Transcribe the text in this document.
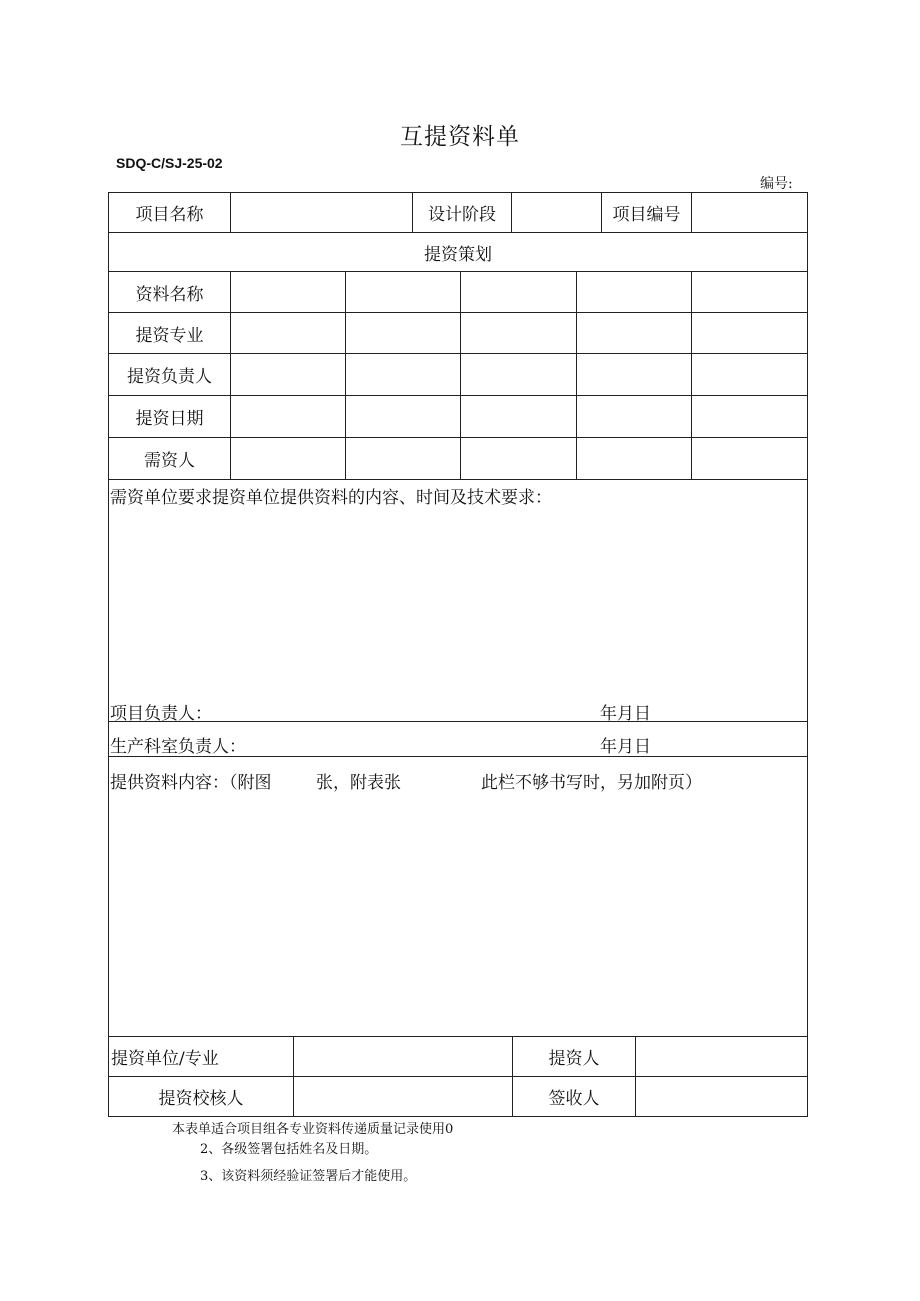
互提资料单
SDQ-C/SJ-25-02
编号:
项目名称	设计阶段	项目编号
提资策划
资料名称
提资专业
提资负责人
提资日期
需资人
需资单位要求提资单位提供资料的内容、时间及技术要求：
项目负责人：	年月日
生产科室负责人：	年月日
提供资料内容：（附图	张，附表张	此栏不够书写时，另加附页）
提资单位/专业	提资人
提资校核人	签收人
本表单适合项目组各专业资料传递质量记录使用0
2、各级签署包括姓名及日期。
3、该资料须经验证签署后才能使用。
